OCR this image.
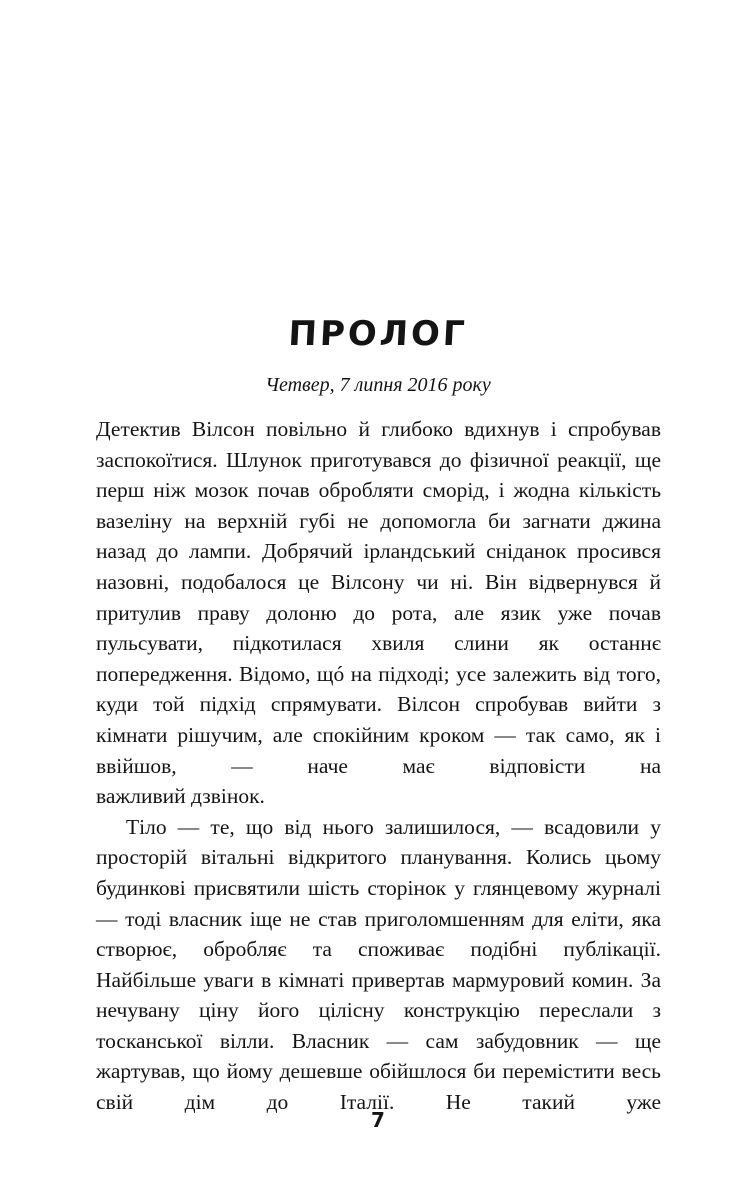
ПРОЛОГ

Четвер, 7 липня 2016 року

Детектив Вілсон повільно й глибоко вдихнув і спробував заспокоїтися. Шлунок приготувався до фізичної реакції, ще перш ніж мозок почав обробляти сморід, і жодна кількість вазеліну на верхній губі не допомогла би загнати джина назад до лампи. Добрячий ірландський сніданок просився назовні, подобалося це Вілсону чи ні. Він відвернувся й притулив праву долоню до рота, але язик уже почав пульсувати, підкотилася хвиля слини як останнє попередження. Відомо, щó на підході; усе залежить від того, куди той підхід спрямувати. Вілсон спробував вийти з кімнати рішучим, але спокійним кроком — так само, як і ввійшов, — наче має відповісти на
важливий дзвінок.

Тіло — те, що від нього залишилося, — всадовили у просторій вітальні відкритого планування. Колись цьому будинкові присвятили шість сторінок у глянцевому журналі — тоді власник іще не став приголомшенням для еліти, яка створює, обробляє та споживає подібні публікації. Найбільше уваги в кімнаті привертав мармуровий комин. За нечувану ціну його цілісну конструкцію переслали з тосканської вілли. Власник — сам забудовник — ще жартував, що йому дешевше обійшлося би перемістити весь свій дім до Італії. Не такий уже

7
